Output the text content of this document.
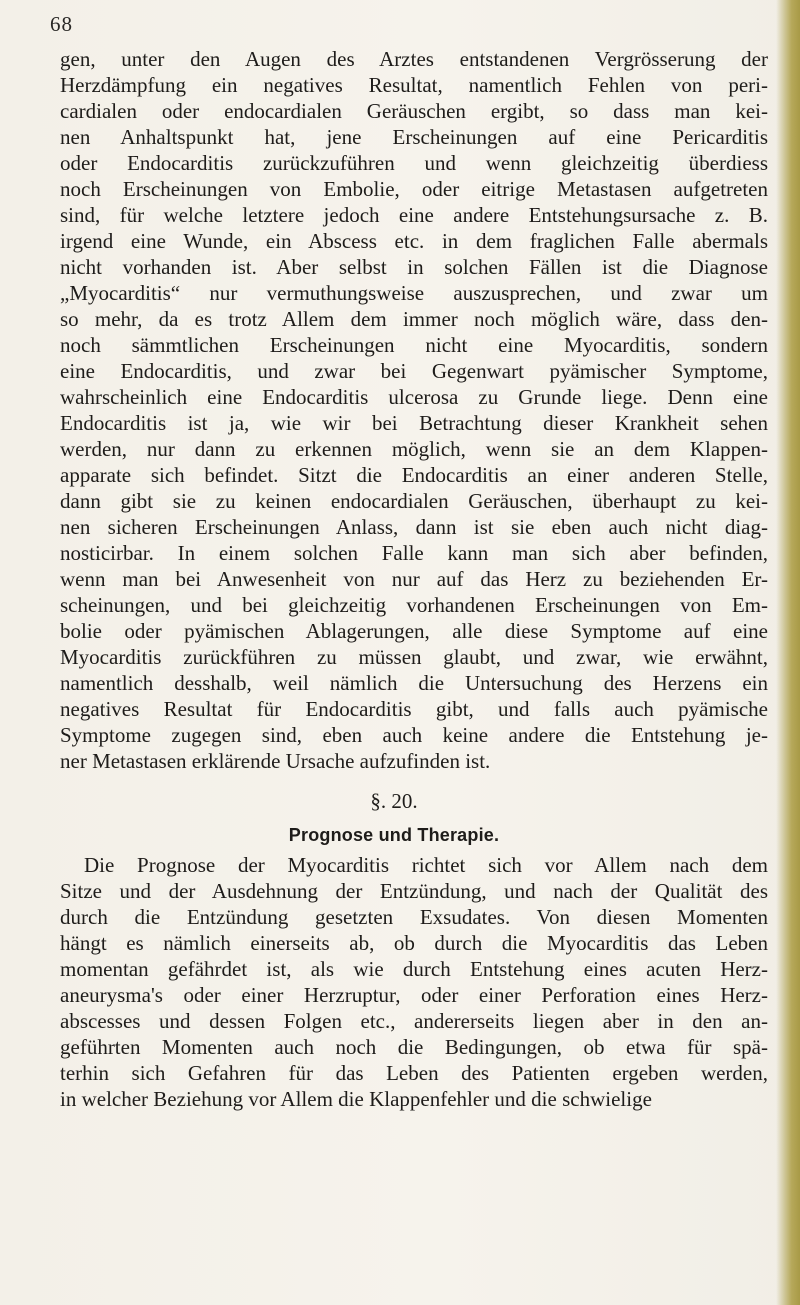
68
gen, unter den Augen des Arztes entstandenen Vergrösserung der
Herzdämpfung ein negatives Resultat, namentlich Fehlen von peri-
cardialen oder endocardialen Geräuschen ergibt, so dass man kei-
nen Anhaltspunkt hat, jene Erscheinungen auf eine Pericarditis
oder Endocarditis zurückzuführen und wenn gleichzeitig überdiess
noch Erscheinungen von Embolie, oder eitrige Metastasen aufgetreten
sind, für welche letztere jedoch eine andere Entstehungsursache z. B.
irgend eine Wunde, ein Abscess etc. in dem fraglichen Falle abermals
nicht vorhanden ist. Aber selbst in solchen Fällen ist die Diagnose
„Myocarditis“ nur vermuthungsweise auszusprechen, und zwar um
so mehr, da es trotz Allem dem immer noch möglich wäre, dass den-
noch sämmtlichen Erscheinungen nicht eine Myocarditis, sondern
eine Endocarditis, und zwar bei Gegenwart pyämischer Symptome,
wahrscheinlich eine Endocarditis ulcerosa zu Grunde liege. Denn eine
Endocarditis ist ja, wie wir bei Betrachtung dieser Krankheit sehen
werden, nur dann zu erkennen möglich, wenn sie an dem Klappen-
apparate sich befindet. Sitzt die Endocarditis an einer anderen Stelle,
dann gibt sie zu keinen endocardialen Geräuschen, überhaupt zu kei-
nen sicheren Erscheinungen Anlass, dann ist sie eben auch nicht diag-
nosticirbar. In einem solchen Falle kann man sich aber befinden,
wenn man bei Anwesenheit von nur auf das Herz zu beziehenden Er-
scheinungen, und bei gleichzeitig vorhandenen Erscheinungen von Em-
bolie oder pyämischen Ablagerungen, alle diese Symptome auf eine
Myocarditis zurückführen zu müssen glaubt, und zwar, wie erwähnt,
namentlich desshalb, weil nämlich die Untersuchung des Herzens ein
negatives Resultat für Endocarditis gibt, und falls auch pyämische
Symptome zugegen sind, eben auch keine andere die Entstehung je-
ner Metastasen erklärende Ursache aufzufinden ist.
§. 20.
Prognose und Therapie.
Die Prognose der Myocarditis richtet sich vor Allem nach dem
Sitze und der Ausdehnung der Entzündung, und nach der Qualität des
durch die Entzündung gesetzten Exsudates. Von diesen Momenten
hängt es nämlich einerseits ab, ob durch die Myocarditis das Leben
momentan gefährdet ist, als wie durch Entstehung eines acuten Herz-
aneurysma's oder einer Herzruptur, oder einer Perforation eines Herz-
abscesses und dessen Folgen etc., andererseits liegen aber in den an-
geführten Momenten auch noch die Bedingungen, ob etwa für spä-
terhin sich Gefahren für das Leben des Patienten ergeben werden,
in welcher Beziehung vor Allem die Klappenfehler und die schwielige
